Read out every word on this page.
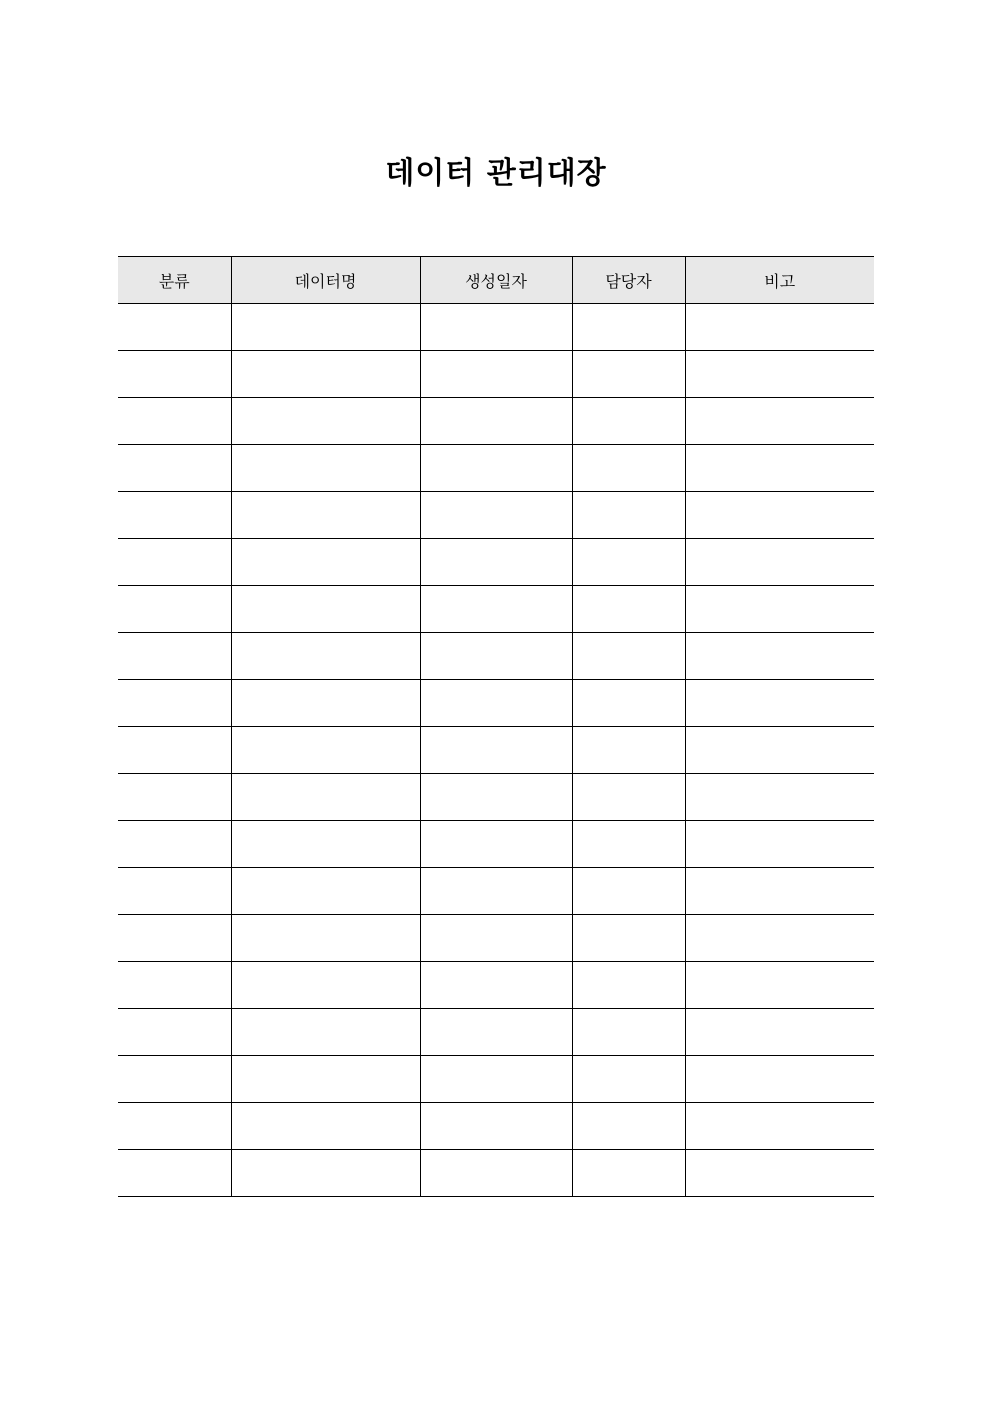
데이터 관리대장
분류	데이터명	생성일자	담당자	비고
